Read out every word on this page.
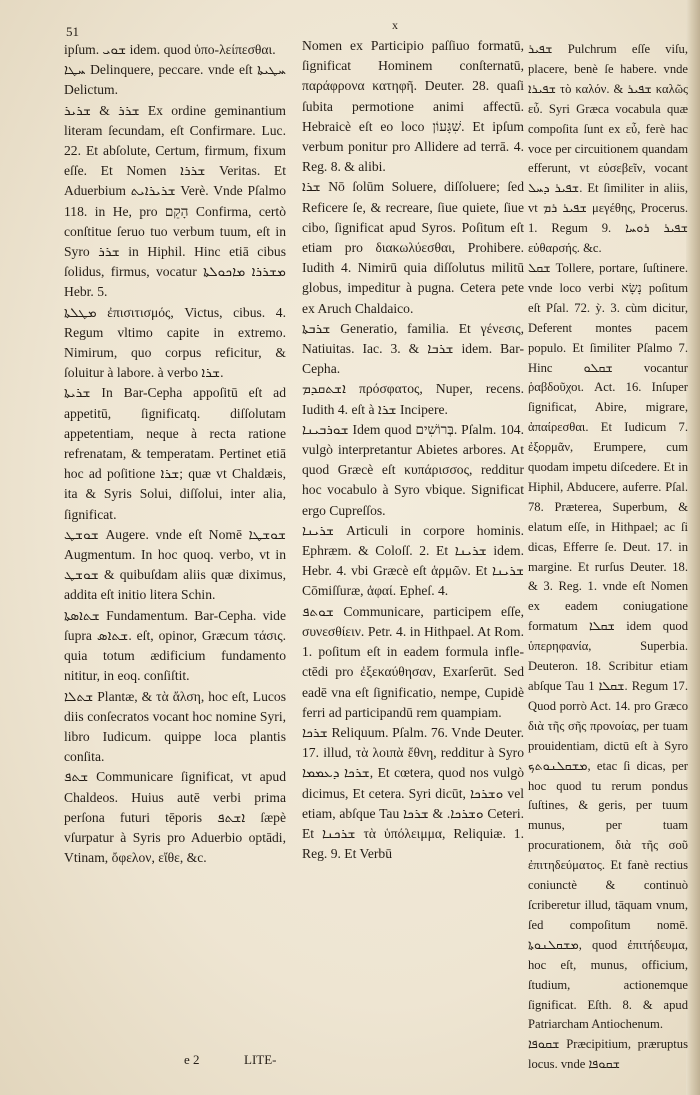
51	x

ipſum. ܫܘܝ idem. quod ὑπο-λείπεσθαι.

ܚܛܐ Delinquere, peccare. vnde eſt ܚܛܝܬܐ Delictum.

ܫܪܪ & ܫܪܝܪ Ex ordine geminantium literam ſecundam, eſt Confirmare. Luc. 22. Et abſolute, Certum, firmum, fixum eſſe. Et Nomen ܫܪܪܐ Veritas. Et Aduerbium ܫܪܝܪܐܝܬ Verè. Vnde Pſalmo 118. in He, pro הָקֵם Confirma, certò conſtitue ſeruo tuo verbum tuum, eſt in Syro ܫܪܪ in Hiphil. Hinc etiā cibus ſolidus, firmus, vocatur ܡܫܪܪܐ ܡܐܟܘܠܬܐ Hebr. 5.

ܡܛܠܬܐ ἐπισιτισμός, Victus, cibus. 4. Regum vltimo capite in extremo. Nimirum, quo corpus reficitur, & ſoluitur à labore. à verbo ܫܪܐ.

ܫܪܝܬܐ In Bar-Cepha appoſitū eſt ad appetitū, ſignificatq. diſſolutam appetentiam, neque à recta ratione refrenatam, & temperatam. Pertinet etiā hoc ad poſitione ܫܪܐ; quæ vt Chaldæis, ita & Syris Solui, diſſolui, inter alia, ſignificat.

ܫܘܫܛ Augere. vnde eſt Nomē ܫܘܫܛܐ Augmentum. In hoc quoq. verbo, vt in ܫܘܫܛ & quibuſdam aliis quæ diximus, addita eſt initio litera Schin.

ܫܬܐܣܬܐ Fundamentum. Bar-Cepha. vide ſupra ܫܬܐܣ. eſt, opinor, Græcum τάσις. quia totum ædificium fundamento nititur, in eoq. conſiſtit.

ܫܬܠܐ Plantæ, & τὰ ἄλση, hoc eſt, Lucos diis conſecratos vocant hoc nomine Syri, libro Iudicum. quippe loca plantis conſita.

ܫܬܦ Communicare ſignificat, vt apud Chaldeos. Huius autē verbi prima perſona futuri tēporis ܐܫܬܦ ſæpè vſurpatur à Syris pro Aduerbio optādi, Vtinam, ὄφελον, εἴθε, &c.

Nomen ex Participio paſſiuo formatū, ſignificat Hominem conſternatū, παράφρονα κατηφῆ. Deuter. 28. quaſi ſubita permotione animi affectū. Hebraicè eſt eo loco שִׁגָּעוֹן. Et ipſum verbum ponitur pro Allidere ad terrā. 4. Reg. 8. & alibi.

ܫܪܐ Nō ſolūm Soluere, diſſoluere; ſed Reficere ſe, & recreare, ſiue quiete, ſiue cibo, ſignificat apud Syros. Poſitum eſt etiam pro διακωλύεσθαι, Prohibere. Iudith 4. Nimirū quia diſſolutus militū globus, impeditur à pugna. Cetera pete ex Aruch Chaldaico.

ܫܪܒܬܐ Generatio, familia. Et γένεσις, Natiuitas. Iac. 3. & ܫܪܒܐ idem. Bar-Cepha.

ܐܫܬܩܕܡ πρόσφατος, Nuper, recens. Iudith 4. eſt à ܫܪܐ Incipere.

ܫܘܪܒܝܢܐ Idem quod בְּרוֹשִׁים. Pſalm. 104. vulgò interpretantur Abietes arbores. At quod Græcè eſt κυπάρισσος, redditur hoc vocabulo à Syro vbique. Significat ergo Cupreſſos.

ܫܪܝܢܐ Articuli in corpore hominis. Ephræm. & Coloſſ. 2. Et ܫܪܝܢܐ idem. Hebr. 4. vbi Græcè eſt ἁρμῶν. Et ܫܪܝܢܐ Cōmiſſuræ, ἁφαί. Epheſ. 4.

ܫܘܬܦ Communicare, participem eſſe, συνεσθίειν. Petr. 4. in Hithpael. At Rom. 1. poſitum eſt in eadem formula inflectēdi pro ἐξεκαύθησαν, Exarſerūt. Sed eadē vna eſt ſignificatio, nempe, Cupidè ferri ad participandū rem quampiam.

ܫܪܟܐ Reliquum. Pſalm. 76. Vnde Deuter. 17. illud, τὰ λοιπὰ ἔθνη, redditur à Syro ܫܪܟܐ ܕܥܡܡܐ, Et cœtera, quod nos vulgò dicimus, Et cetera. Syri dicūt, ܘܫܪܟܐ vel etiam, abſque Tau ܘܫܪܟܐ. & ܫܪܟܐ Ceteri. Et ܫܪܟܢܐ τὰ ὑπόλειμμα, Reliquiæ. 1. Reg. 9. Et Verbū

ܫܦܝܪ Pulchrum eſſe viſu, placere, benè ſe habere. vnde ܫܦܝܪܐ τὸ καλόν. & ܫܦܝܪ καλῶς εὖ. Syri Græca vocabula quæ compoſita ſunt ex εὖ, ferè hac voce per circuitionem quandam efferunt, vt εὐσεβεῖν, vocant ܫܦܝܪ ܕܚܠ. Et ſimiliter in aliis, vt ܫܦܝܪ ܪܡ μεγέθης, Procerus. 1. Regum 9. ܫܦܝܪ ܪܘܚܐ εὐθαρσής. &c.

ܫܩܠ Tollere, portare, ſuſtinere. vnde loco verbi נָשָׂא poſitum eſt Pſal. 72. ỳ. 3. cùm dicitur, Deferent montes pacem populo. Et ſimiliter Pſalmo 7. Hinc ܫܩܠܘ vocantur ῥαβδοῦχοι. Act. 16. Inſuper ſignificat, Abire, migrare, ἀπαίρεσθαι. Et Iudicum 7. ἐξορμᾶν, Erumpere, cum quodam impetu diſcedere. Et in Hiphil, Abducere, auferre. Pſal. 78. Præterea, Superbum, & elatum eſſe, in Hithpael; ac ſi dicas, Efferre ſe. Deut. 17. in margine. Et rurſus Deuter. 18. & 3. Reg. 1. vnde eſt Nomen ex eadem coniugatione formatum ܫܩܠܐ idem quod ὑπερηφανία, Superbia. Deuteron. 18. Scribitur etiam abſque Tau ܫܩܠܐ 1. Regum 17. Quod porrò Act. 14. pro Græco διὰ τῆς σῆς προνοίας, per tuam prouidentiam, dictū eſt à Syro ܡܫܩܠܢܘܬܟ, etac ſi dicas, per hoc quod tu rerum pondus ſuſtines, & geris, per tuum munus, per tuam procurationem, διὰ τῆς σοῦ ἐπιτηδεύματος. Et fanè rectius coniunctè & continuò ſcriberetur illud, tāquam vnum, ſed compoſitum nomē. ܡܫܩܠܢܘܬܐ, quod ἐπιτήδευμα, hoc eſt, munus, officium, ſtudium, actionemque ſignificat. Eſth. 8. & apud Patriarcham Antiochenum.

ܫܩܘܦܐ Præcipitium, præruptus locus. vnde ܫܩܘܦܐ

e 2	LITE-
